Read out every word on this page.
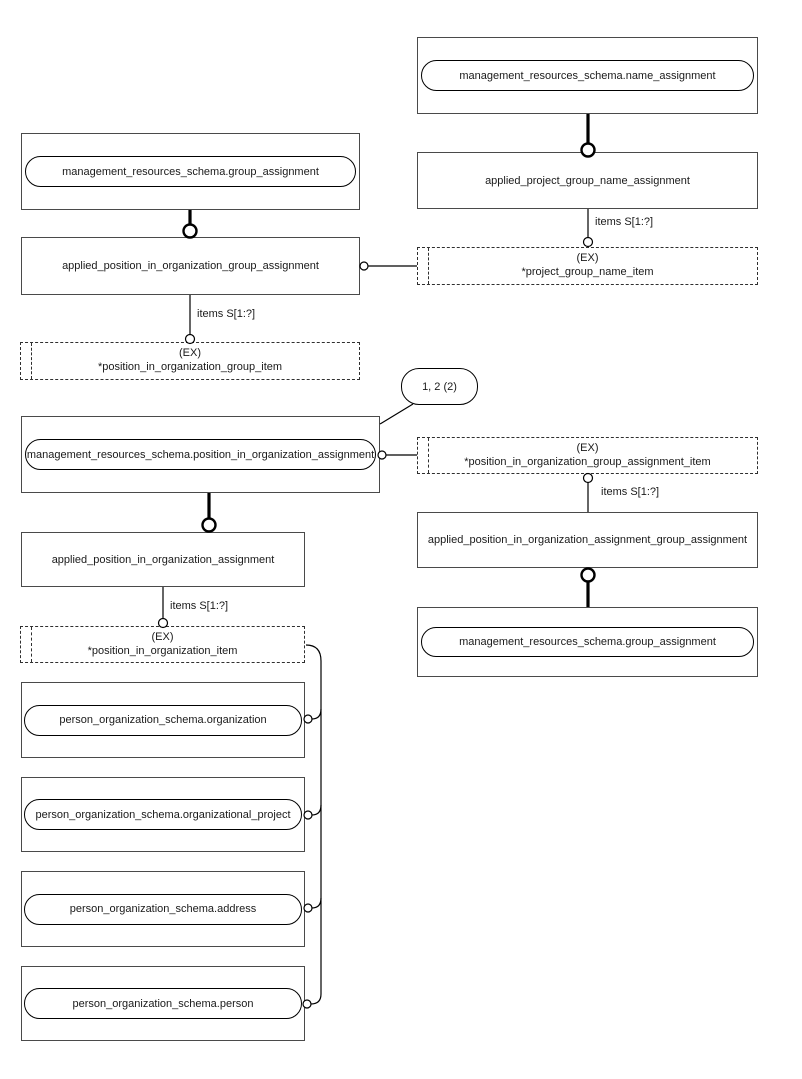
management_resources_schema.name_assignment
applied_project_group_name_assignment
items S[1:?]
(EX)
*project_group_name_item
management_resources_schema.group_assignment
applied_position_in_organization_group_assignment
items S[1:?]
(EX)
*position_in_organization_group_item
1, 2 (2)
management_resources_schema.position_in_organization_assignment
(EX)
*position_in_organization_group_assignment_item
items S[1:?]
applied_position_in_organization_assignment_group_assignment
management_resources_schema.group_assignment
applied_position_in_organization_assignment
items S[1:?]
(EX)
*position_in_organization_item
person_organization_schema.organization
person_organization_schema.organizational_project
person_organization_schema.address
person_organization_schema.person
